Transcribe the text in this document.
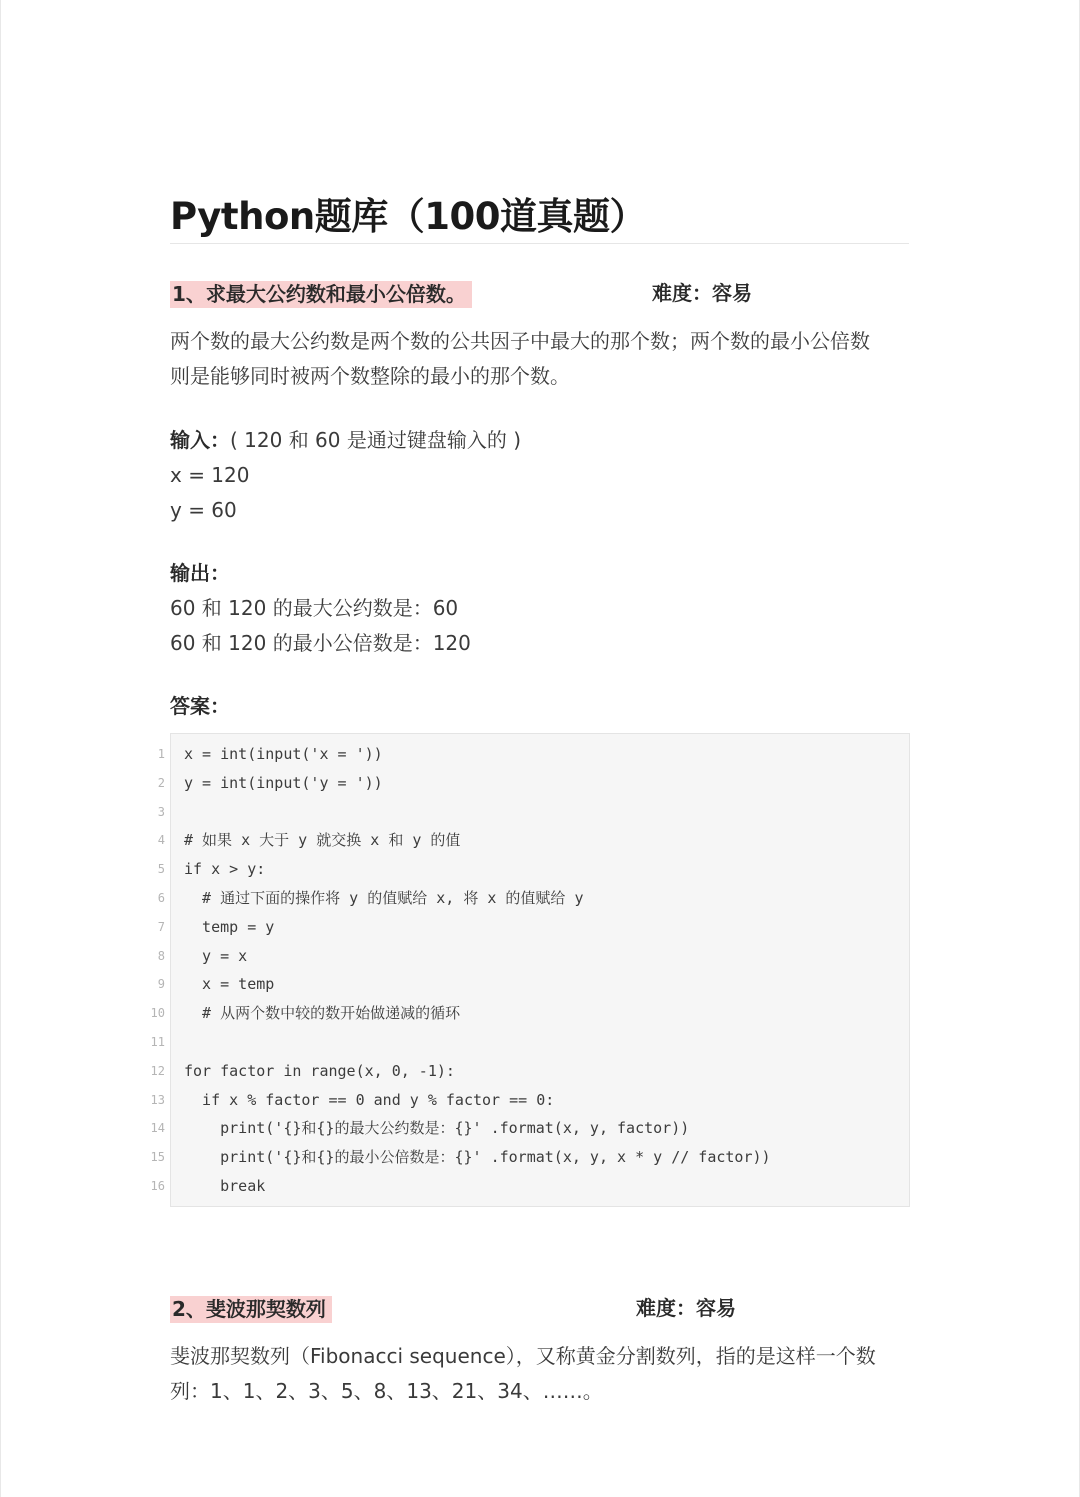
Python题库（100道真题）
1、求最大公约数和最小公倍数。	难度：容易
两个数的最大公约数是两个数的公共因子中最大的那个数；两个数的最小公倍数
则是能够同时被两个数整除的最小的那个数。
输入：( 120 和 60 是通过键盘输入的 )
x = 120
y = 60
输出：
60 和 120 的最大公约数是：60
60 和 120 的最小公倍数是：120
答案：
1 x = int(input('x = '))
2 y = int(input('y = '))
3
4 # 如果 x 大于 y 就交换 x 和 y 的值
5 if x > y:
6 # 通过下面的操作将 y 的值赋给 x, 将 x 的值赋给 y
7 temp = y
8 y = x
9 x = temp
10 # 从两个数中较的数开始做递减的循环
11
12 for factor in range(x, 0, -1):
13 if x % factor == 0 and y % factor == 0:
14 print('{}和{}的最大公约数是：{}' .format(x, y, factor))
15 print('{}和{}的最小公倍数是：{}' .format(x, y, x * y // factor))
16 break
2、斐波那契数列	难度：容易
斐波那契数列（Fibonacci sequence），又称黄金分割数列，指的是这样一个数
列：1、1、2、3、5、8、13、21、34、……。
